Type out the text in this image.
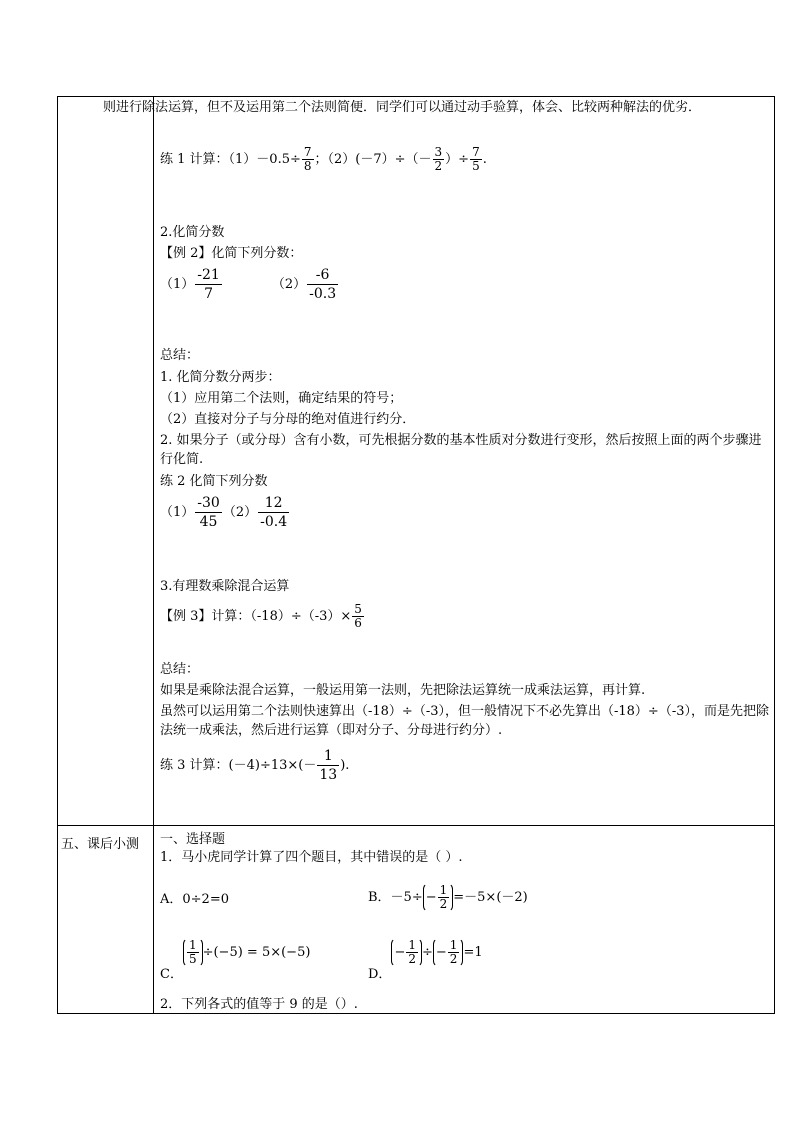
五、课后小测
则进行除法运算，但不及运用第二个法则简便．同学们可以通过动手验算，体会、比较两种解法的优劣．
练 1 计算：$(1)-0.5\div \frac{7}{8}$ ；$(2)(-7)\div(- \frac{3}{2}$ ）÷ $\frac{7}{5}$ .
2.化简分数
【例 2】化简下列分数：
$(1) \frac{-21}{7}$	$(2) \frac{-6}{-0.3}$
总结：
1. 化简分数分两步：
（1）应用第二个法则，确定结果的符号；
（2）直接对分子与分母的绝对值进行约分．
2. 如果分子（或分母）含有小数，可先根据分数的基本性质对分数进行变形，然后按照上面的两个步骤进行化简.
练 2 化简下列分数
$(1) \frac{-30}{45} (2) \frac{12}{-0.4}$
3.有理数乘除混合运算
【例 3】计算：$(-18)\div(-3)\times \frac{5}{6}$
总结：
如果是乘除法混合运算，一般运用第一法则，先把除法运算统一成乘法运算，再计算.
虽然可以运用第二个法则快速算出（-18）÷（-3），但一般情况下不必先算出（-18）÷（-3），而是先把除法统一成乘法，然后进行运算（即对分子、分母进行约分）.
练 3 计算：$(-4)\div 13\times(- \frac{1}{13}$ ).
一、选择题
1．马小虎同学计算了四个题目，其中错误的是（ ）.
A．0÷2=0	B．$-5\div - \frac{1}{2} =-5\times(-2)$
C．
$\frac{1}{5} \div(-5) = 5\times(-5)$
D．− $\frac{1}{2}$ ÷ − $\frac{1}{2} =1$
2．下列各式的值等于 9 的是（）.
